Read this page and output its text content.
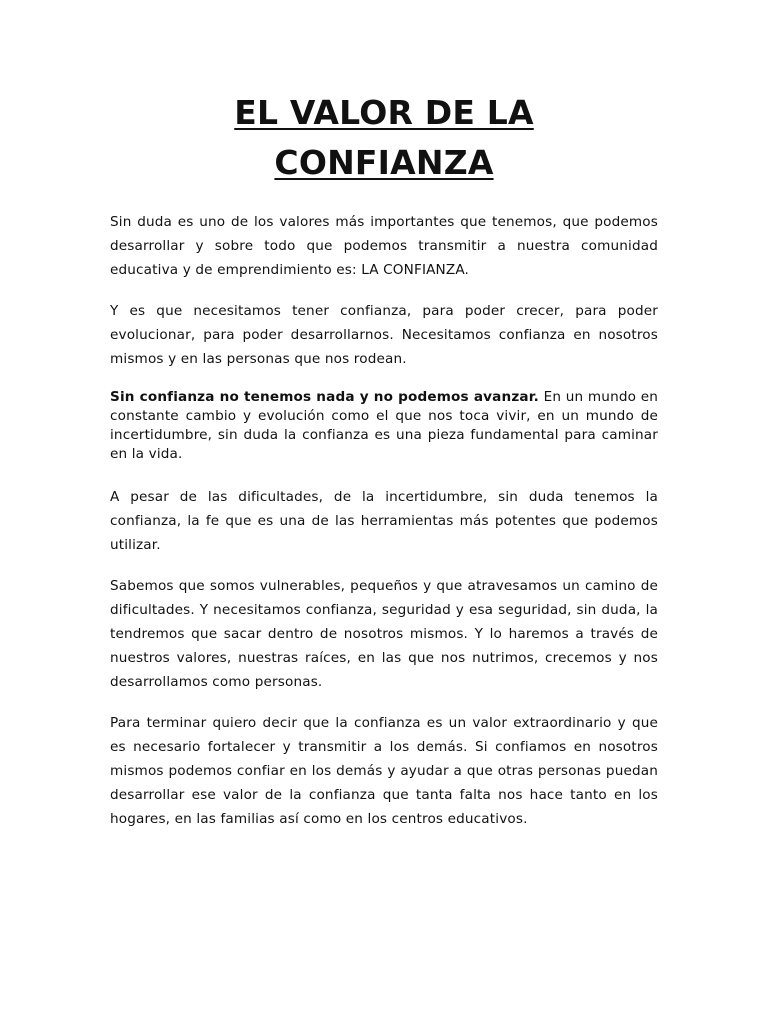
EL VALOR DE LA
CONFIANZA

Sin duda es uno de los valores más importantes que tenemos, que podemos desarrollar y sobre todo que podemos transmitir a nuestra comunidad educativa y de emprendimiento es: LA CONFIANZA.

Y es que necesitamos tener confianza, para poder crecer, para poder evolucionar, para poder desarrollarnos. Necesitamos confianza en nosotros mismos y en las personas que nos rodean.

Sin confianza no tenemos nada y no podemos avanzar. En un mundo en constante cambio y evolución como el que nos toca vivir, en un mundo de incertidumbre, sin duda la confianza es una pieza fundamental para caminar en la vida.

A pesar de las dificultades, de la incertidumbre, sin duda tenemos la confianza, la fe que es una de las herramientas más potentes que podemos utilizar.

Sabemos que somos vulnerables, pequeños y que atravesamos un camino de dificultades. Y necesitamos confianza, seguridad y esa seguridad, sin duda, la tendremos que sacar dentro de nosotros mismos. Y lo haremos a través de nuestros valores, nuestras raíces, en las que nos nutrimos, crecemos y nos desarrollamos como personas.

Para terminar quiero decir que la confianza es un valor extraordinario y que es necesario fortalecer y transmitir a los demás. Si confiamos en nosotros mismos podemos confiar en los demás y ayudar a que otras personas puedan desarrollar ese valor de la confianza que tanta falta nos hace tanto en los hogares, en las familias así como en los centros educativos.
